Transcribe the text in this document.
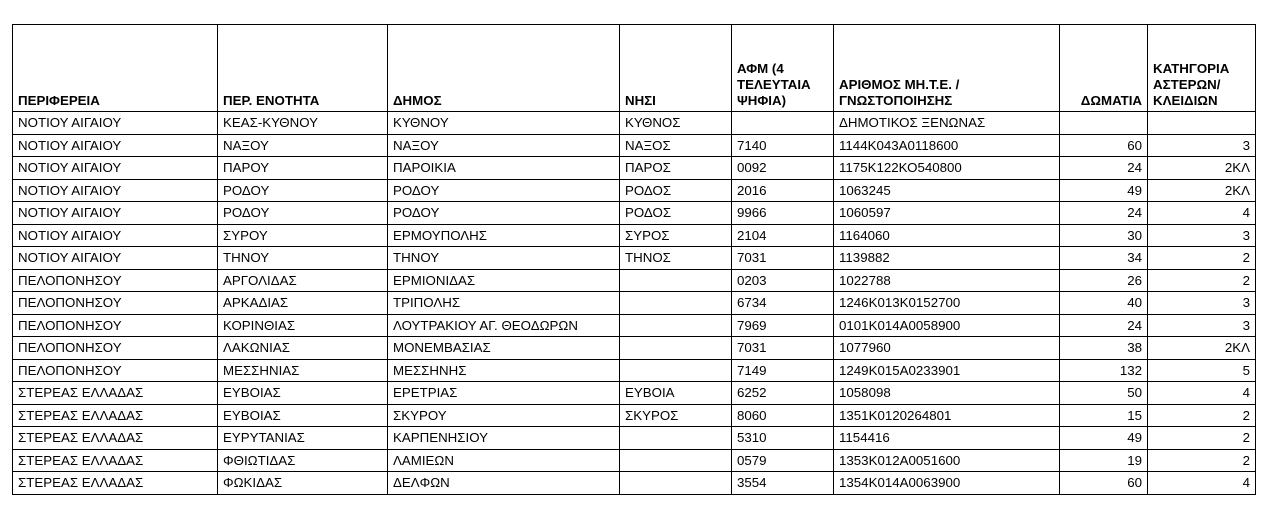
ΠΕΡΙΦΕΡΕΙΑ	ΠΕΡ. ΕΝΟΤΗΤΑ	ΔΗΜΟΣ	ΝΗΣΙ	ΑΦΜ (4
ΤΕΛΕΥΤΑΙΑ
ΨΗΦΙΑ)	ΑΡΙΘΜΟΣ ΜΗ.Τ.Ε. /
ΓΝΩΣΤΟΠΟΙΗΣΗΣ	ΔΩΜΑΤΙΑ	ΚΑΤΗΓΟΡΙΑ
ΑΣΤΕΡΩΝ/
ΚΛΕΙΔΙΩΝ
ΝΟΤΙΟΥ ΑΙΓΑΙΟΥ	ΚΕΑΣ-ΚΥΘΝΟΥ	ΚΥΘΝΟΥ	ΚΥΘΝΟΣ		ΔΗΜΟΤΙΚΟΣ ΞΕΝΩΝΑΣ		
ΝΟΤΙΟΥ ΑΙΓΑΙΟΥ	ΝΑΞΟΥ	ΝΑΞΟΥ	ΝΑΞΟΣ	7140	1144Κ043Α0118600	60	3
ΝΟΤΙΟΥ ΑΙΓΑΙΟΥ	ΠΑΡΟΥ	ΠΑΡΟΙΚΙΑ	ΠΑΡΟΣ	0092	1175Κ122ΚΟ540800	24	2ΚΛ
ΝΟΤΙΟΥ ΑΙΓΑΙΟΥ	ΡΟΔΟΥ	ΡΟΔΟΥ	ΡΟΔΟΣ	2016	1063245	49	2ΚΛ
ΝΟΤΙΟΥ ΑΙΓΑΙΟΥ	ΡΟΔΟΥ	ΡΟΔΟΥ	ΡΟΔΟΣ	9966	1060597	24	4
ΝΟΤΙΟΥ ΑΙΓΑΙΟΥ	ΣΥΡΟΥ	ΕΡΜΟΥΠΟΛΗΣ	ΣΥΡΟΣ	2104	1164060	30	3
ΝΟΤΙΟΥ ΑΙΓΑΙΟΥ	ΤΗΝΟΥ	ΤΗΝΟΥ	ΤΗΝΟΣ	7031	1139882	34	2
ΠΕΛΟΠΟΝΗΣΟΥ	ΑΡΓΟΛΙΔΑΣ	ΕΡΜΙΟΝΙΔΑΣ		0203	1022788	26	2
ΠΕΛΟΠΟΝΗΣΟΥ	ΑΡΚΑΔΙΑΣ	ΤΡΙΠΟΛΗΣ		6734	1246Κ013Κ0152700	40	3
ΠΕΛΟΠΟΝΗΣΟΥ	ΚΟΡΙΝΘΙΑΣ	ΛΟΥΤΡΑΚΙΟΥ ΑΓ. ΘΕΟΔΩΡΩΝ		7969	0101Κ014Α0058900	24	3
ΠΕΛΟΠΟΝΗΣΟΥ	ΛΑΚΩΝΙΑΣ	ΜΟΝΕΜΒΑΣΙΑΣ		7031	1077960	38	2ΚΛ
ΠΕΛΟΠΟΝΗΣΟΥ	ΜΕΣΣΗΝΙΑΣ	ΜΕΣΣΗΝΗΣ		7149	1249Κ015Α0233901	132	5
ΣΤΕΡΕΑΣ ΕΛΛΑΔΑΣ	ΕΥΒΟΙΑΣ	ΕΡΕΤΡΙΑΣ	ΕΥΒΟΙΑ	6252	1058098	50	4
ΣΤΕΡΕΑΣ ΕΛΛΑΔΑΣ	ΕΥΒΟΙΑΣ	ΣΚΥΡΟΥ	ΣΚΥΡΟΣ	8060	1351Κ0120264801	15	2
ΣΤΕΡΕΑΣ ΕΛΛΑΔΑΣ	ΕΥΡΥΤΑΝΙΑΣ	ΚΑΡΠΕΝΗΣΙΟΥ		5310	1154416	49	2
ΣΤΕΡΕΑΣ ΕΛΛΑΔΑΣ	ΦΘΙΩΤΙΔΑΣ	ΛΑΜΙΕΩΝ		0579	1353Κ012Α0051600	19	2
ΣΤΕΡΕΑΣ ΕΛΛΑΔΑΣ	ΦΩΚΙΔΑΣ	ΔΕΛΦΩΝ		3554	1354Κ014Α0063900	60	4
